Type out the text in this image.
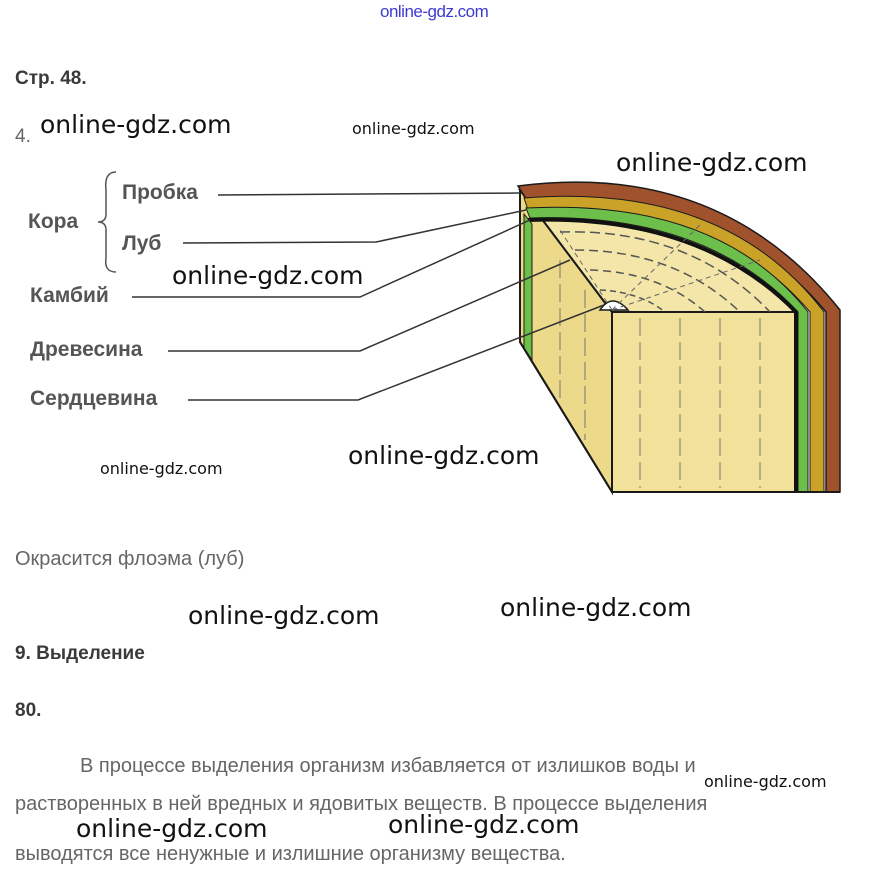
online-gdz.com
Стр. 48.
4. online-gdz.com	online-gdz.com
online-gdz.com
Пробка
Кора
Луб
Камбий
Древесина
Сердцевина
online-gdz.com
online-gdz.com
online-gdz.com
Окрасится флоэма (луб)
online-gdz.com	online-gdz.com
9. Выделение
80.
В процессе выделения организм избавляется от излишков воды и
online-gdz.com
растворенных в ней вредных и ядовитых веществ. В процессе выделения
online-gdz.com	online-gdz.com
выводятся все ненужные и излишние организму вещества.
